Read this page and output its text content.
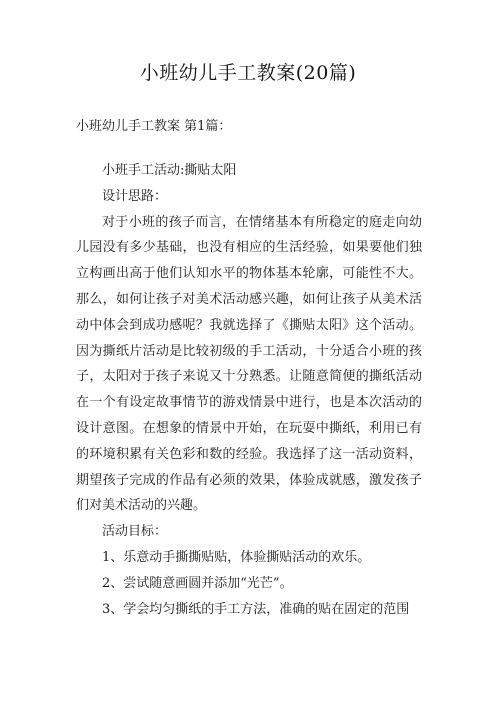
小班幼儿手工教案(20篇)
小班幼儿手工教案 第1篇：

小班手工活动:撕贴太阳

设计思路：

对于小班的孩子而言，在情绪基本有所稳定的庭走向幼儿园没有多少基础，也没有相应的生活经验，如果要他们独立构画出高于他们认知水平的物体基本轮廓，可能性不大。那么，如何让孩子对美术活动感兴趣，如何让孩子从美术活动中体会到成功感呢？我就选择了《撕贴太阳》这个活动。因为撕纸片活动是比较初级的手工活动，十分适合小班的孩子，太阳对于孩子来说又十分熟悉。让随意简便的撕纸活动在一个有设定故事情节的游戏情景中进行，也是本次活动的设计意图。在想象的情景中开始，在玩耍中撕纸，利用已有的环境积累有关色彩和数的经验。我选择了这一活动资料，期望孩子完成的作品有必须的效果，体验成就感，激发孩子们对美术活动的兴趣。

活动目标：

1、乐意动手撕撕贴贴，体验撕贴活动的欢乐。

2、尝试随意画圆并添加“光芒”。

3、学会均匀撕纸的手工方法，准确的贴在固定的范围
